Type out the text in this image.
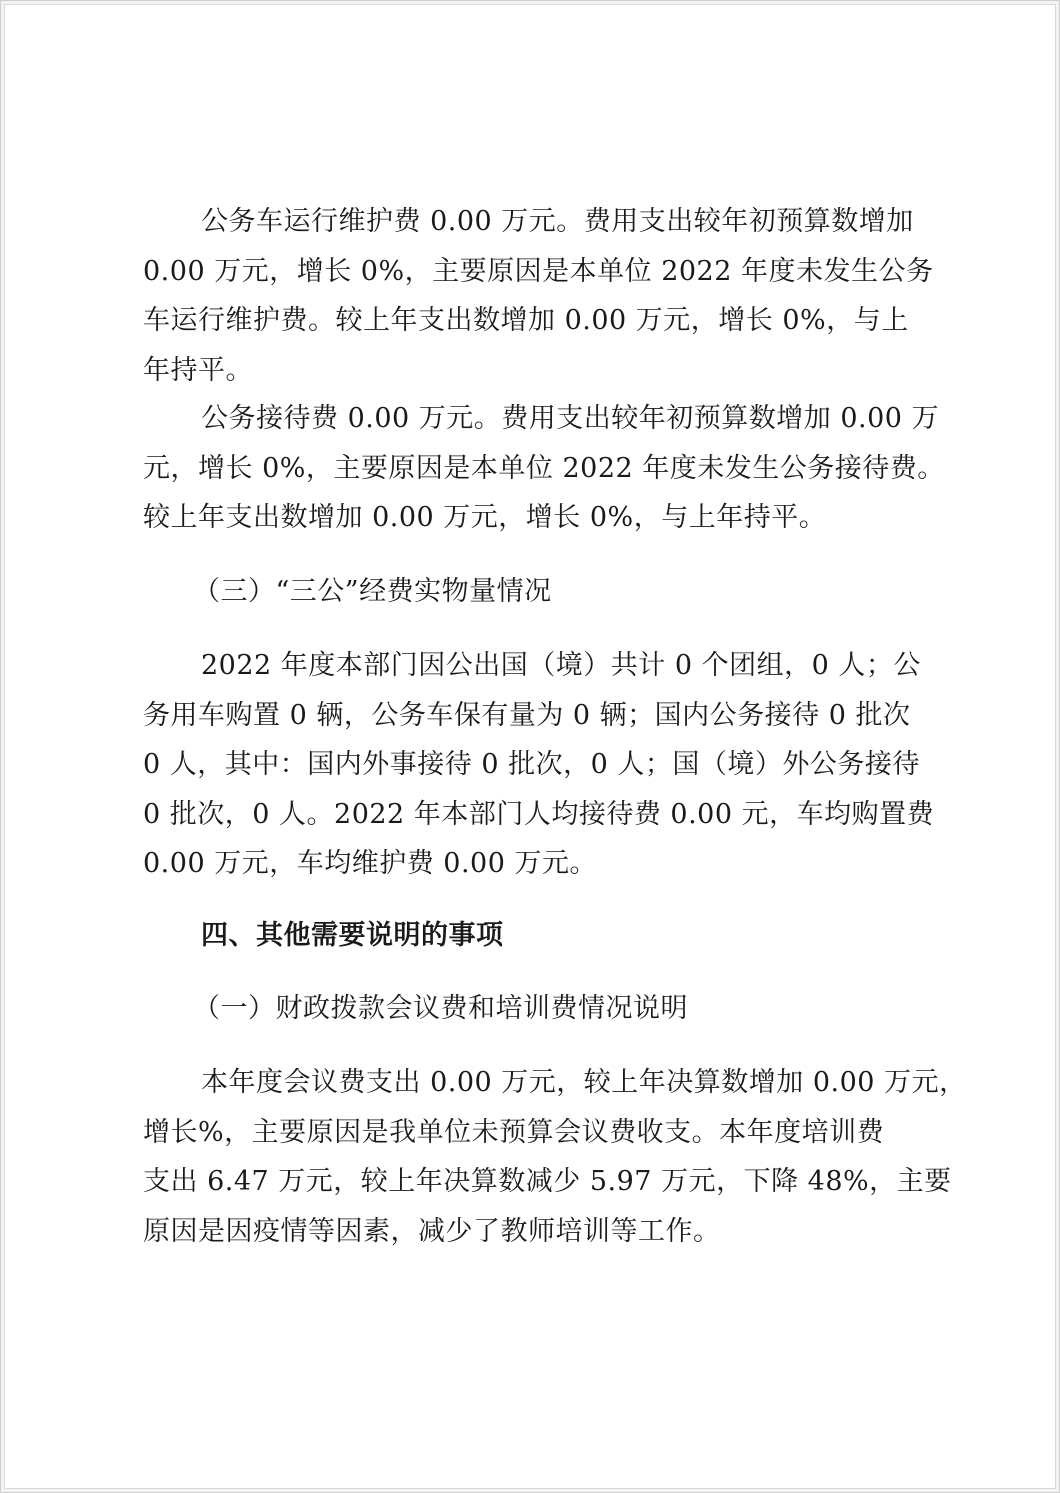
公务车运行维护费 0.00 万元。费用支出较年初预算数增加
0.00 万元，增长 0%，主要原因是本单位 2022 年度未发生公务
车运行维护费。较上年支出数增加 0.00 万元，增长 0%，与上
年持平。
公务接待费 0.00 万元。费用支出较年初预算数增加 0.00 万
元，增长 0%，主要原因是本单位 2022 年度未发生公务接待费。
较上年支出数增加 0.00 万元，增长 0%，与上年持平。
（三）“三公”经费实物量情况
2022 年度本部门因公出国（境）共计 0 个团组，0 人；公
务用车购置 0 辆，公务车保有量为 0 辆；国内公务接待 0 批次
0 人，其中：国内外事接待 0 批次，0 人；国（境）外公务接待
0 批次，0 人。2022 年本部门人均接待费 0.00 元，车均购置费
0.00 万元，车均维护费 0.00 万元。
四、其他需要说明的事项
（一）财政拨款会议费和培训费情况说明
本年度会议费支出 0.00 万元，较上年决算数增加 0.00 万元，
增长%，主要原因是我单位未预算会议费收支。本年度培训费
支出 6.47 万元，较上年决算数减少 5.97 万元，下降 48%，主要
原因是因疫情等因素，减少了教师培训等工作。
